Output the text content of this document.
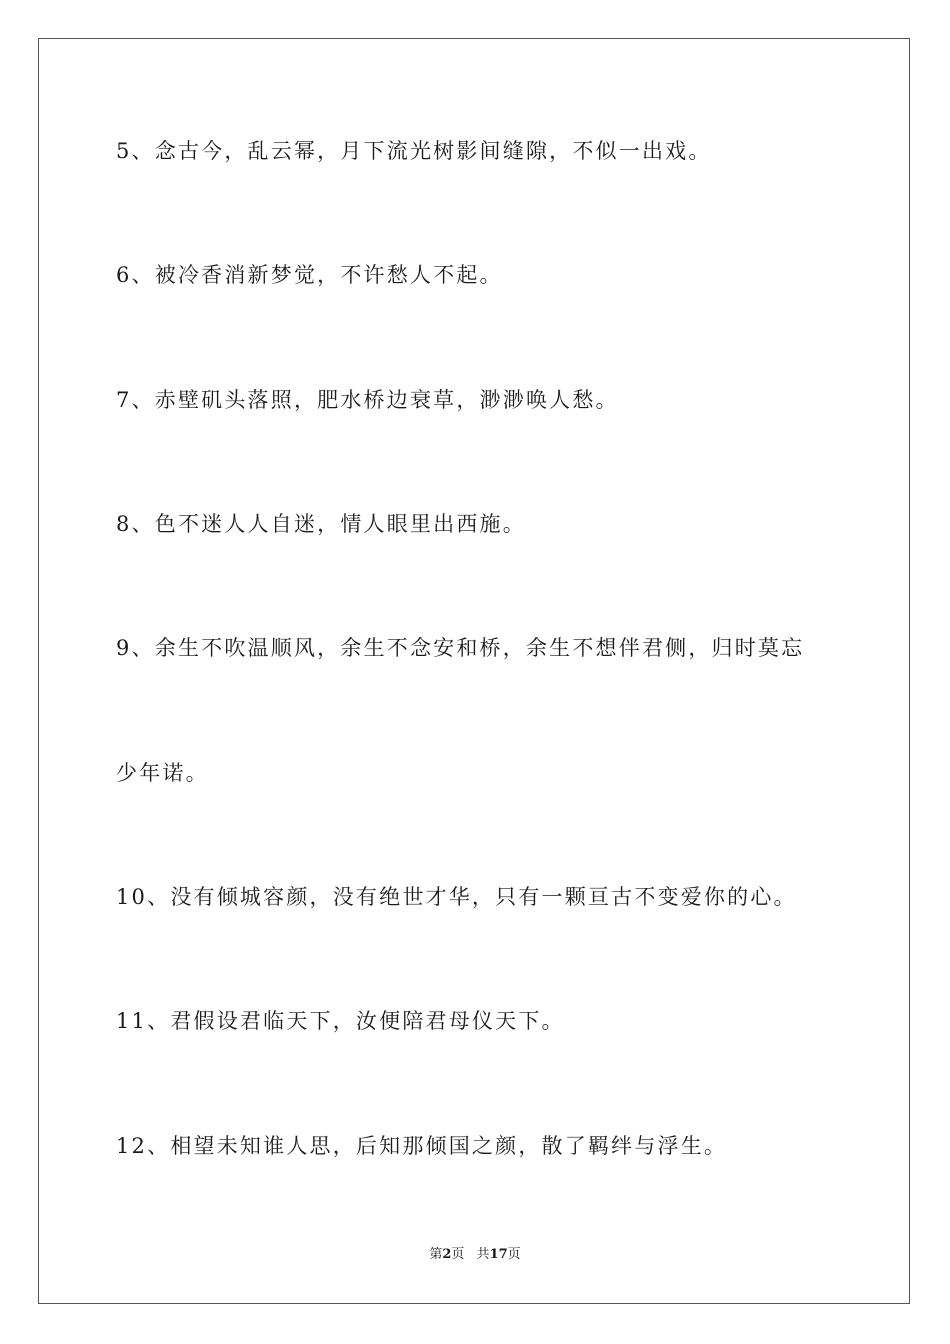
5、念古今，乱云幂，月下流光树影间缝隙，不似一出戏。
6、被冷香消新梦觉，不许愁人不起。
7、赤壁矶头落照，肥水桥边衰草，渺渺唤人愁。
8、色不迷人人自迷，情人眼里出西施。
9、余生不吹温顺风，余生不念安和桥，余生不想伴君侧，归时莫忘
少年诺。
10、没有倾城容颜，没有绝世才华，只有一颗亘古不变爱你的心。
11、君假设君临天下，汝便陪君母仪天下。
12、相望未知谁人思，后知那倾国之颜，散了羁绊与浮生。
第2页 共17页
